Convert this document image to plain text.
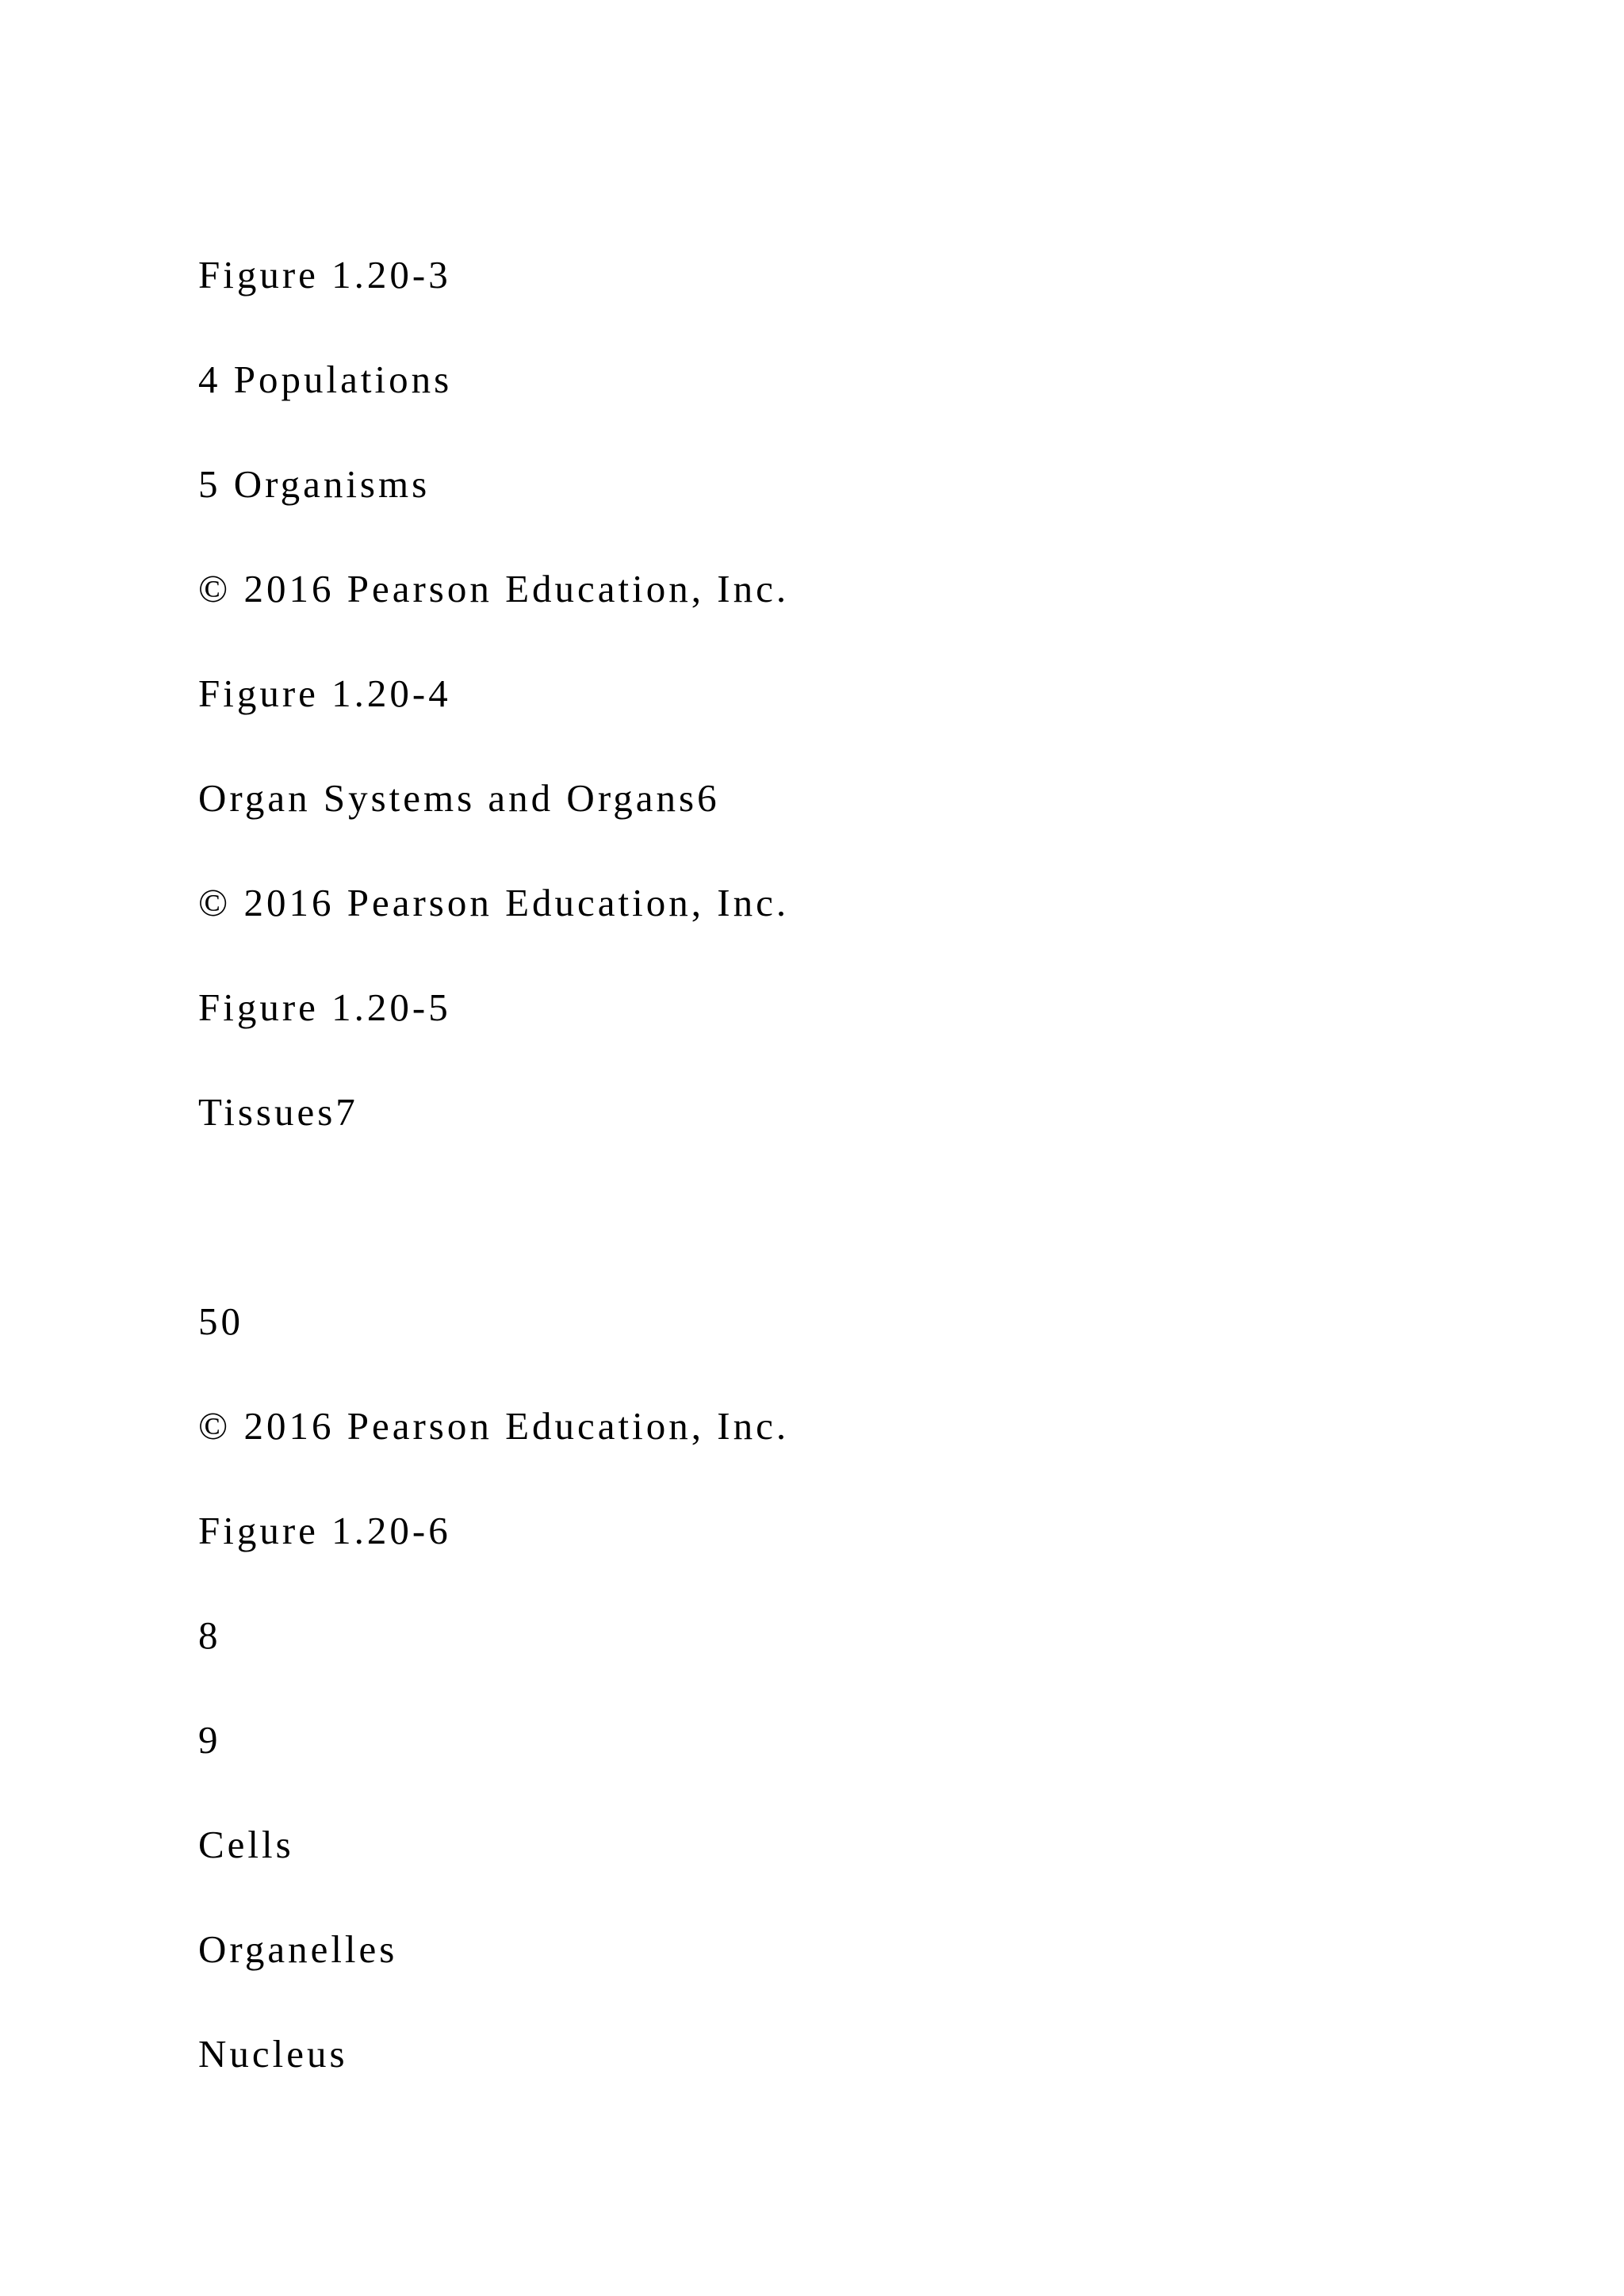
Figure 1.20-3

4 Populations

5 Organisms

© 2016 Pearson Education, Inc.

Figure 1.20-4

Organ Systems and Organs6

© 2016 Pearson Education, Inc.

Figure 1.20-5

Tissues7

50

© 2016 Pearson Education, Inc.

Figure 1.20-6

8

9

Cells

Organelles

Nucleus
